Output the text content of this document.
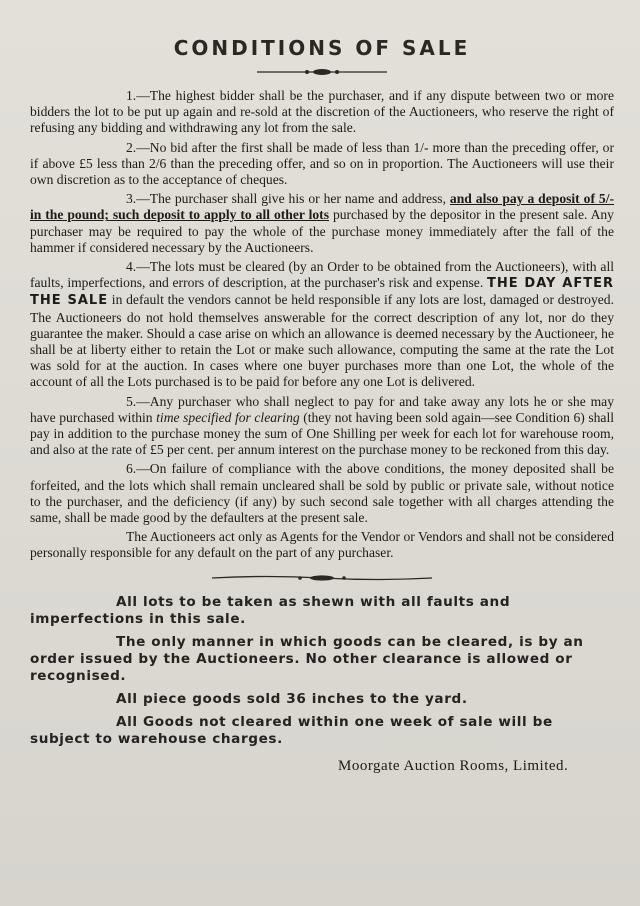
CONDITIONS OF SALE

1.—The highest bidder shall be the purchaser, and if any dispute between two or more bidders the lot to be put up again and re-sold at the discretion of the Auctioneers, who reserve the right of refusing any bidding and withdrawing any lot from the sale.

2.—No bid after the first shall be made of less than 1/- more than the preceding offer, or if above £5 less than 2/6 than the preceding offer, and so on in proportion. The Auctioneers will use their own discretion as to the acceptance of cheques.

3.—The purchaser shall give his or her name and address, and also pay a deposit of 5/- in the pound; such deposit to apply to all other lots purchased by the depositor in the present sale. Any purchaser may be required to pay the whole of the purchase money immediately after the fall of the hammer if considered necessary by the Auctioneers.

4.—The lots must be cleared (by an Order to be obtained from the Auctioneers), with all faults, imperfections, and errors of description, at the purchaser's risk and expense. THE DAY AFTER THE SALE in default the vendors cannot be held responsible if any lots are lost, damaged or destroyed. The Auctioneers do not hold themselves answerable for the correct description of any lot, nor do they guarantee the maker. Should a case arise on which an allowance is deemed necessary by the Auctioneer, he shall be at liberty either to retain the Lot or make such allowance, computing the same at the rate the Lot was sold for at the auction. In cases where one buyer purchases more than one Lot, the whole of the account of all the Lots purchased is to be paid for before any one Lot is delivered.

5.—Any purchaser who shall neglect to pay for and take away any lots he or she may have purchased within time specified for clearing (they not having been sold again—see Condition 6) shall pay in addition to the purchase money the sum of One Shilling per week for each lot for warehouse room, and also at the rate of £5 per cent. per annum interest on the purchase money to be reckoned from this day.

6.—On failure of compliance with the above conditions, the money deposited shall be forfeited, and the lots which shall remain uncleared shall be sold by public or private sale, without notice to the purchaser, and the deficiency (if any) by such second sale together with all charges attending the same, shall be made good by the defaulters at the present sale.

The Auctioneers act only as Agents for the Vendor or Vendors and shall not be considered personally responsible for any default on the part of any purchaser.

All lots to be taken as shewn with all faults and imperfections in this sale.

The only manner in which goods can be cleared, is by an order issued by the Auctioneers. No other clearance is allowed or recognised.

All piece goods sold 36 inches to the yard.

All Goods not cleared within one week of sale will be subject to warehouse charges.

Moorgate Auction Rooms, Limited.
